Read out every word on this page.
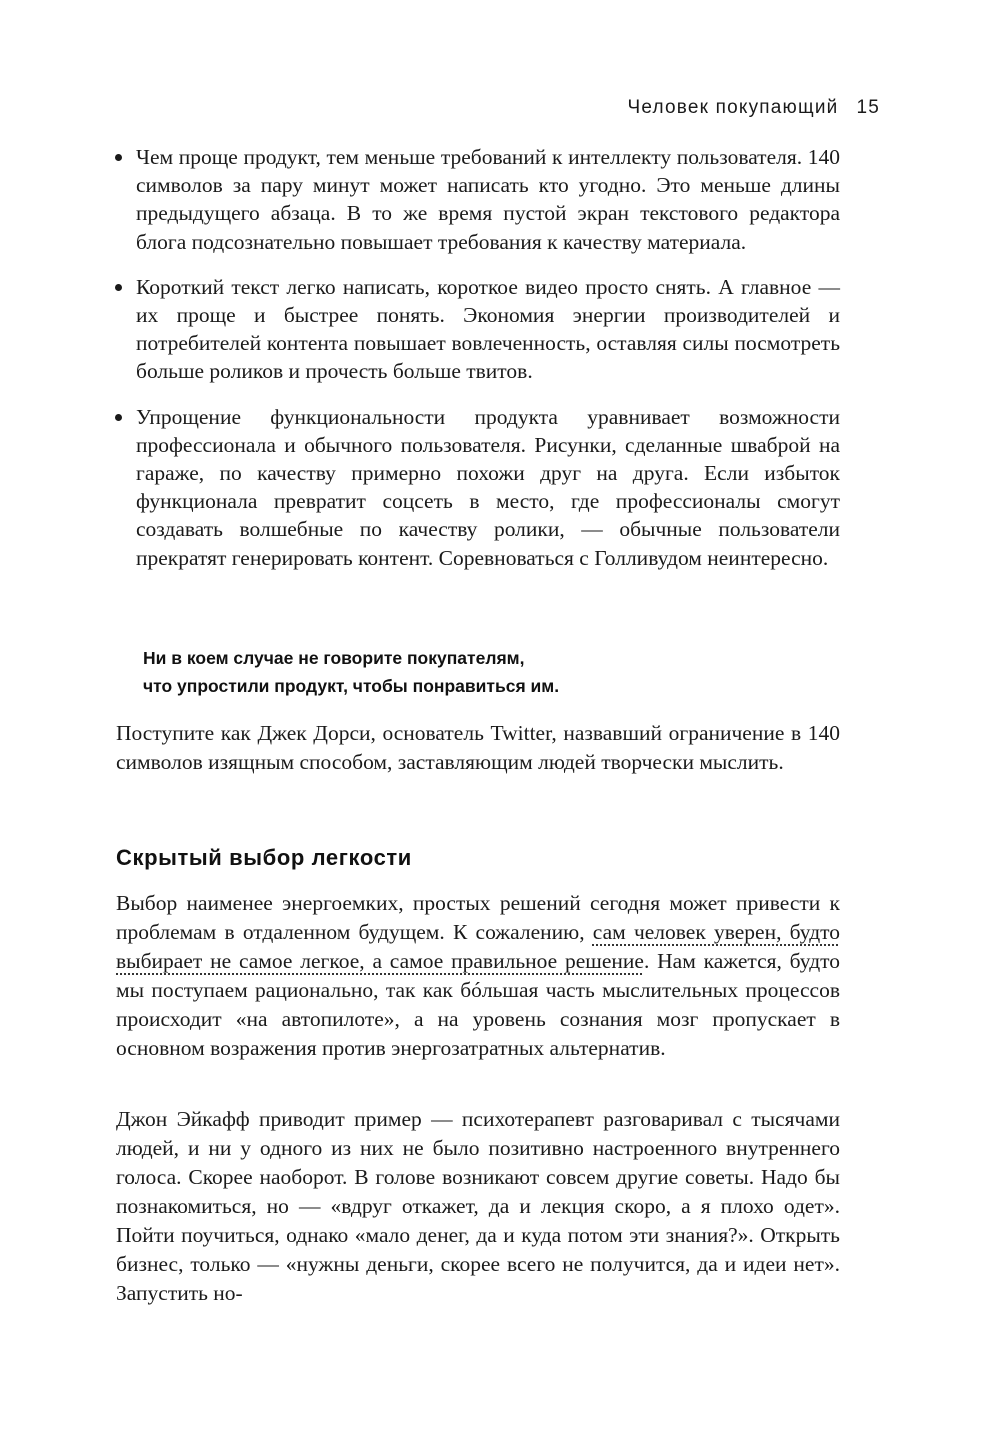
Человек покупающий 15
Чем проще продукт, тем меньше требований к интеллекту пользователя. 140 символов за пару минут может написать кто угодно. Это меньше длины предыдущего абзаца. В то же время пустой экран текстового редактора блога подсознательно повышает требования к качеству материала.
Короткий текст легко написать, короткое видео просто снять. А главное — их проще и быстрее понять. Экономия энергии производителей и потребителей контента повышает вовлеченность, оставляя силы посмотреть больше роликов и прочесть больше твитов.
Упрощение функциональности продукта уравнивает возможности профессионала и обычного пользователя. Рисунки, сделанные шваброй на гараже, по качеству примерно похожи друг на друга. Если избыток функционала превратит соцсеть в место, где профессионалы смогут создавать волшебные по качеству ролики, — обычные пользователи прекратят генерировать контент. Соревноваться с Голливудом неинтересно.
Ни в коем случае не говорите покупателям,
что упростили продукт, чтобы понравиться им.

Поступите как Джек Дорси, основатель Twitter, назвавший ограничение в 140 символов изящным способом, заставляющим людей творчески мыслить.

Скрытый выбор легкости

Выбор наименее энергоемких, простых решений сегодня может привести к проблемам в отдаленном будущем. К сожалению, сам человек уверен, будто выбирает не самое легкое, а самое правильное решение. Нам кажется, будто мы поступаем рационально, так как бóльшая часть мыслительных процессов происходит «на автопилоте», а на уровень сознания мозг пропускает в основном возражения против энергозатратных альтернатив.

Джон Эйкафф приводит пример — психотерапевт разговаривал с тысячами людей, и ни у одного из них не было позитивно настроенного внутреннего голоса. Скорее наоборот. В голове возникают совсем другие советы. Надо бы познакомиться, но — «вдруг откажет, да и лекция скоро, а я плохо одет». Пойти поучиться, однако «мало денег, да и куда потом эти знания?». Открыть бизнес, только — «нужны деньги, скорее всего не получится, да и идеи нет». Запустить но-
